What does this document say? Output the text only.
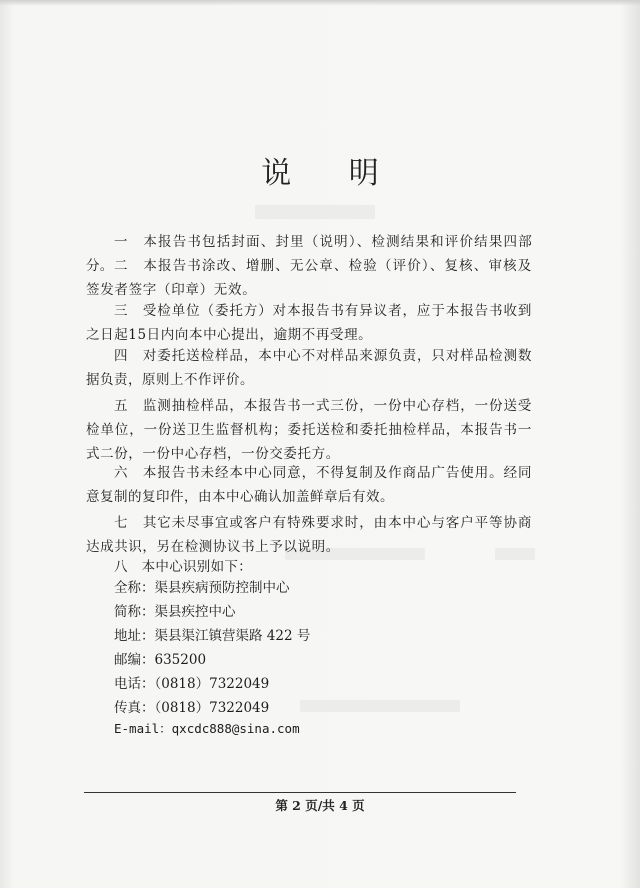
说 明

一　本报告书包括封面、封里（说明）、检测结果和评价结果四部分。 二　本报告书涂改、增删、无公章、检验（评价）、复核、审核及签发者签字（印章）无效。

三　受检单位（委托方）对本报告书有异议者，应于本报告书收到之日起15日内向本中心提出，逾期不再受理。

四　对委托送检样品，本中心不对样品来源负责，只对样品检测数据负责，原则上不作评价。

五　监测抽检样品，本报告书一式三份，一份中心存档，一份送受检单位，一份送卫生监督机构；委托送检和委托抽检样品，本报告书一式二份，一份中心存档，一份交委托方。

六　本报告书未经本中心同意，不得复制及作商品广告使用。经同意复制的复印件，由本中心确认加盖鲜章后有效。

七　其它未尽事宜或客户有特殊要求时，由本中心与客户平等协商达成共识，另在检测协议书上予以说明。

八　本中心识别如下：

全称：渠县疾病预防控制中心

简称：渠县疾控中心

地址：渠县渠江镇营渠路 422 号

邮编：635200

电话：（0818）7322049

传真：（0818）7322049

E-mail：qxcdc888@sina.com

第 2 页/共 4 页
